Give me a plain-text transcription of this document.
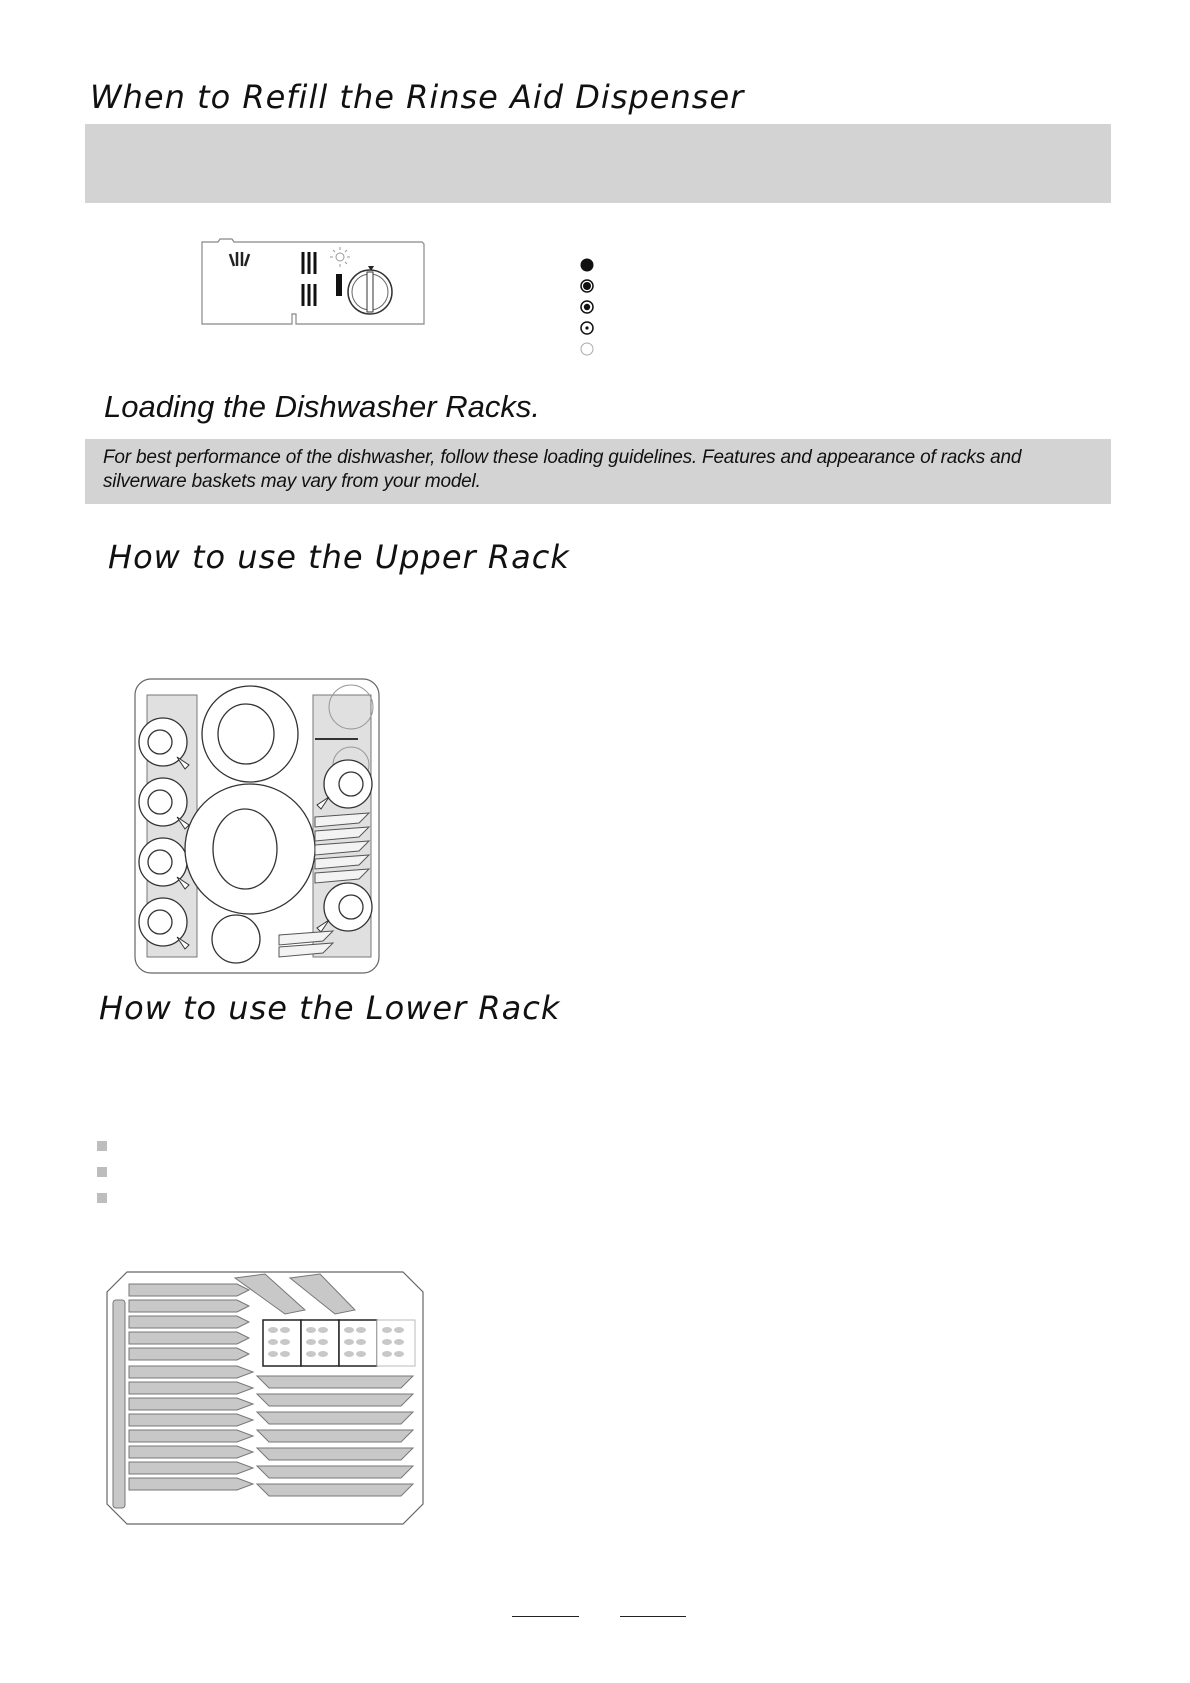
When to Refill the Rinse Aid Dispenser
Loading the Dishwasher Racks.

For best performance of the dishwasher, follow these loading guidelines. Features and appearance of racks and silverware baskets may vary from your model.

How to use the Upper Rack
How to use the Lower Rack
